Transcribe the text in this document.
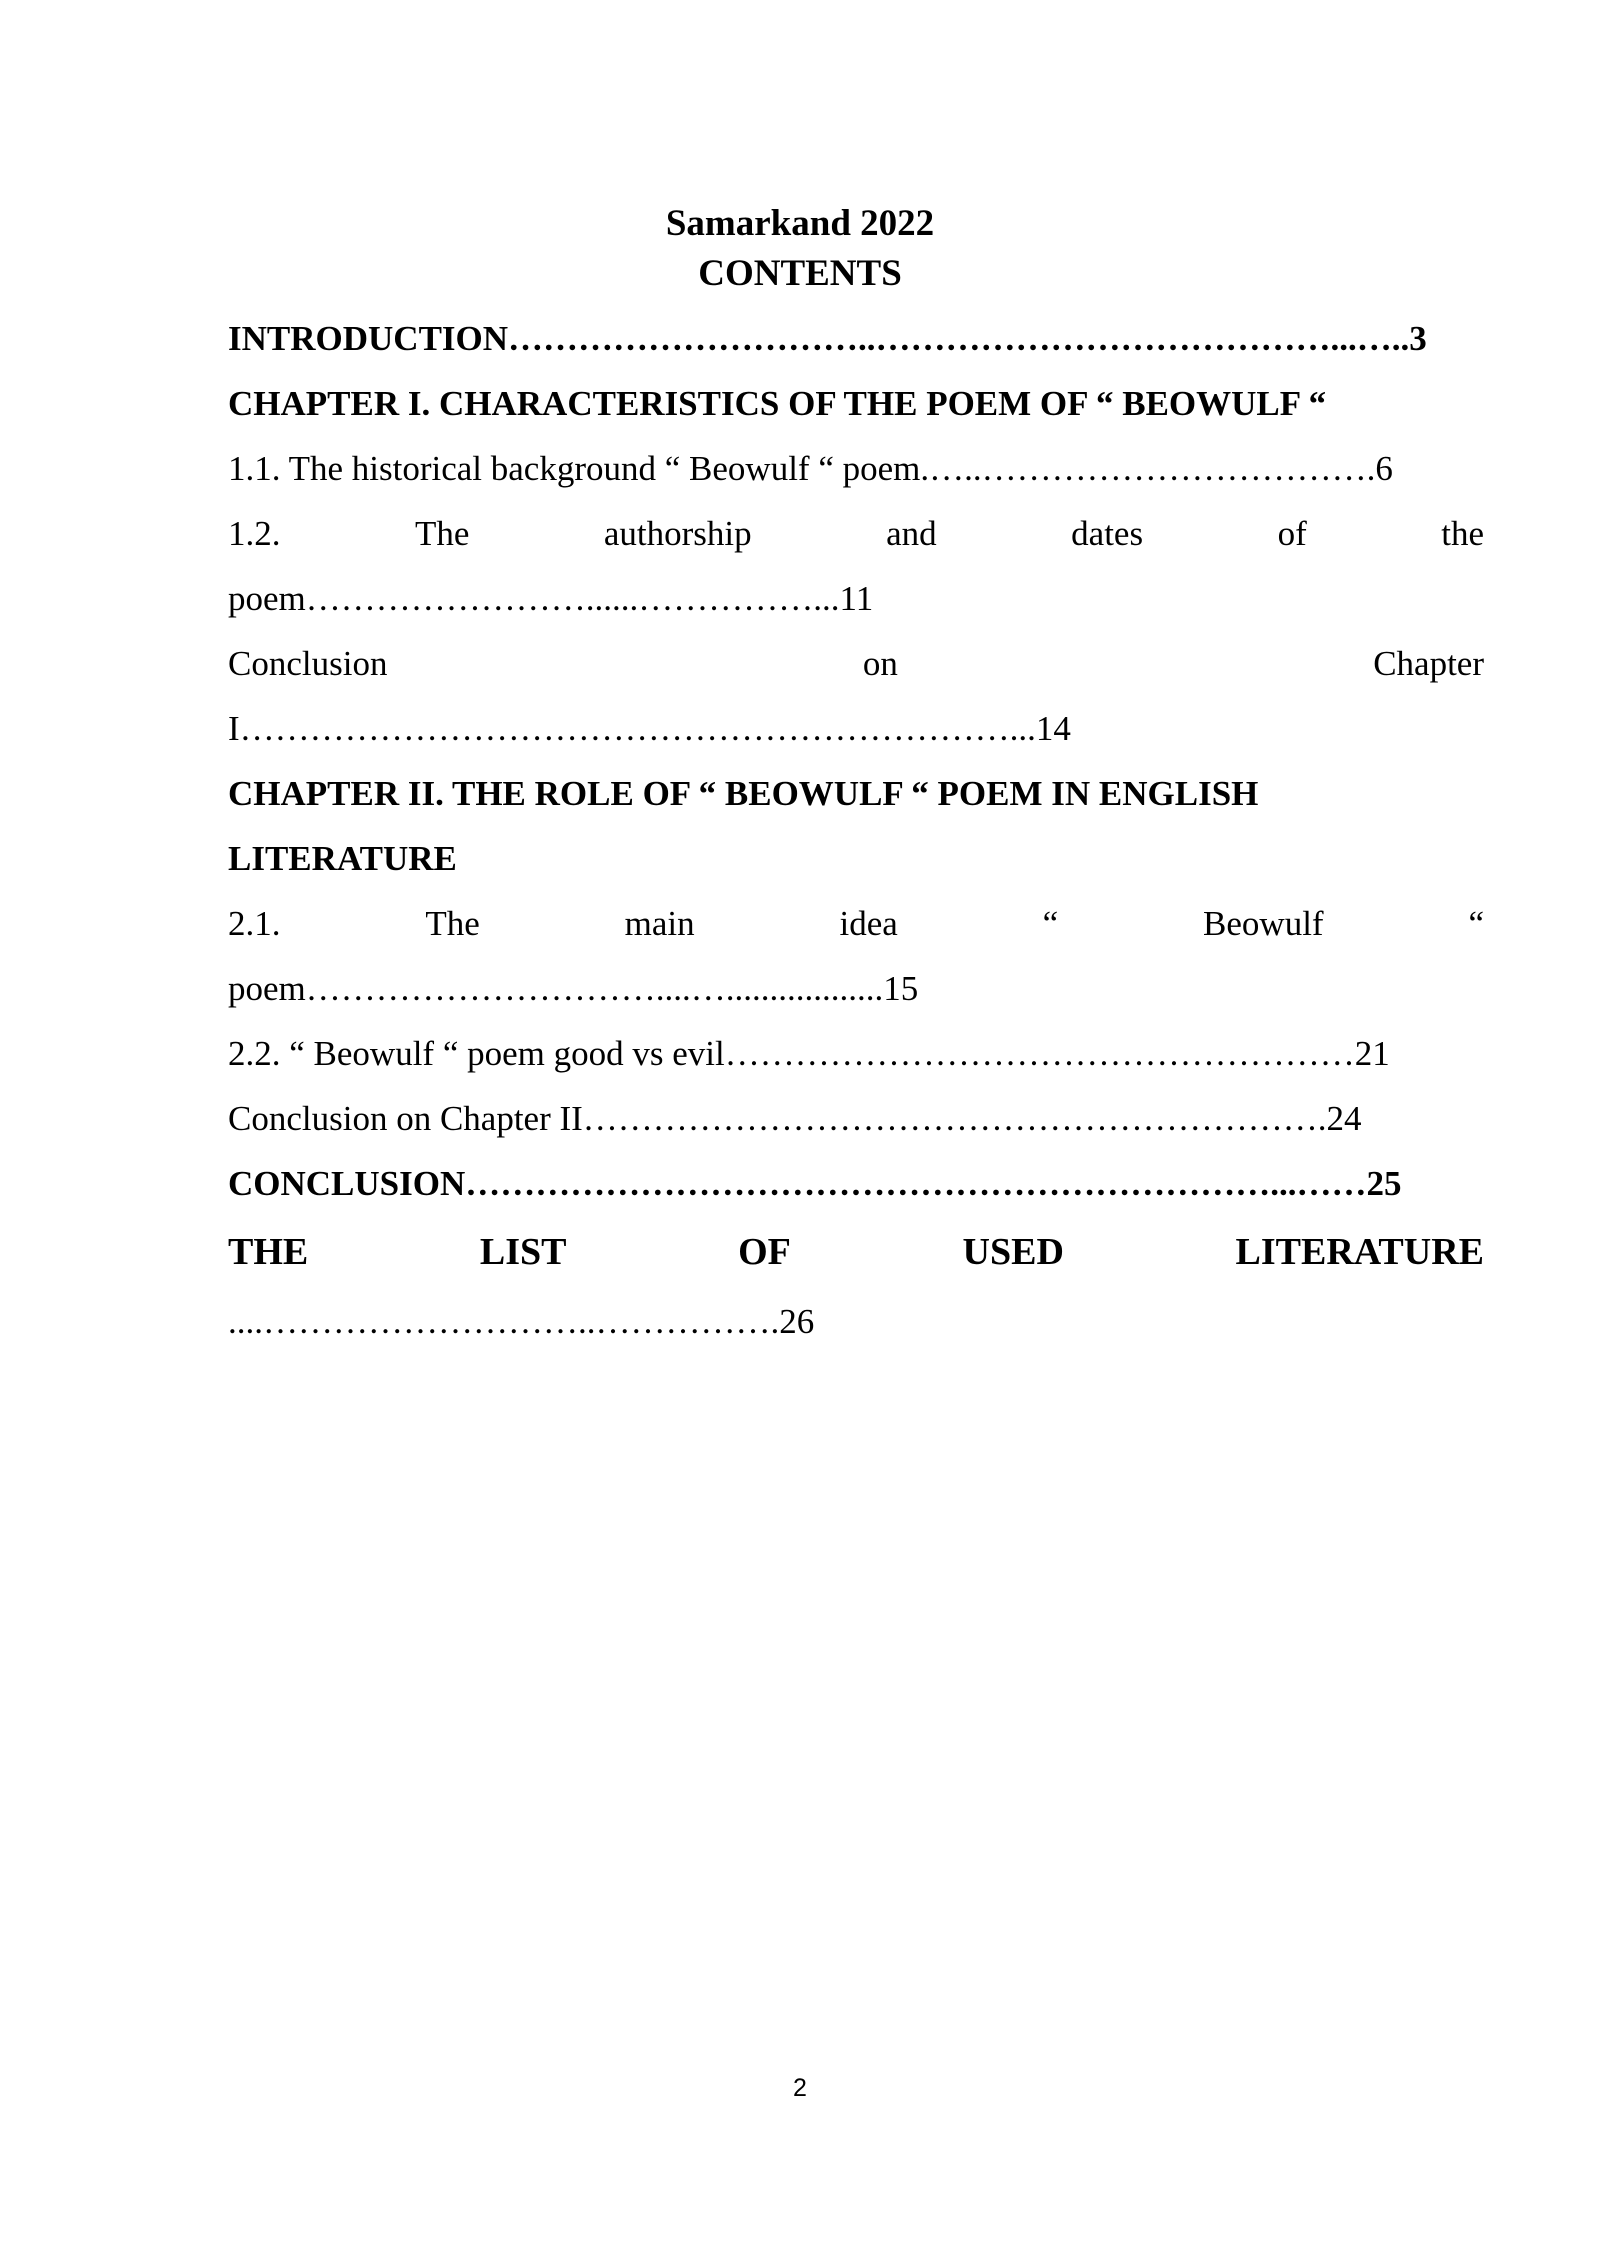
Samarkand 2022
CONTENTS
INTRODUCTION…………………………..…………………………………...…..3
CHAPTER I. CHARACTERISTICS OF THE POEM OF “ BEOWULF “
1.1. The historical background “ Beowulf “ poem.…..…………………………….6
1.2.	The	authorship	and	dates	of	the
poem……………………......……………...11
Conclusion	on	Chapter
I…………………………………………………………...14
CHAPTER II. THE ROLE OF “ BEOWULF “ POEM IN ENGLISH
LITERATURE
2.1.	The	main	idea	“	Beowulf	“
poem…………………………....…..................15
2.2. “ Beowulf “ poem good vs evil………………………………………………21
Conclusion on Chapter II……………………………………………………….24
CONCLUSION……………………………………………………………...……25
THE	LIST	OF	USED	LITERATURE
....………………………..…………….26
2
